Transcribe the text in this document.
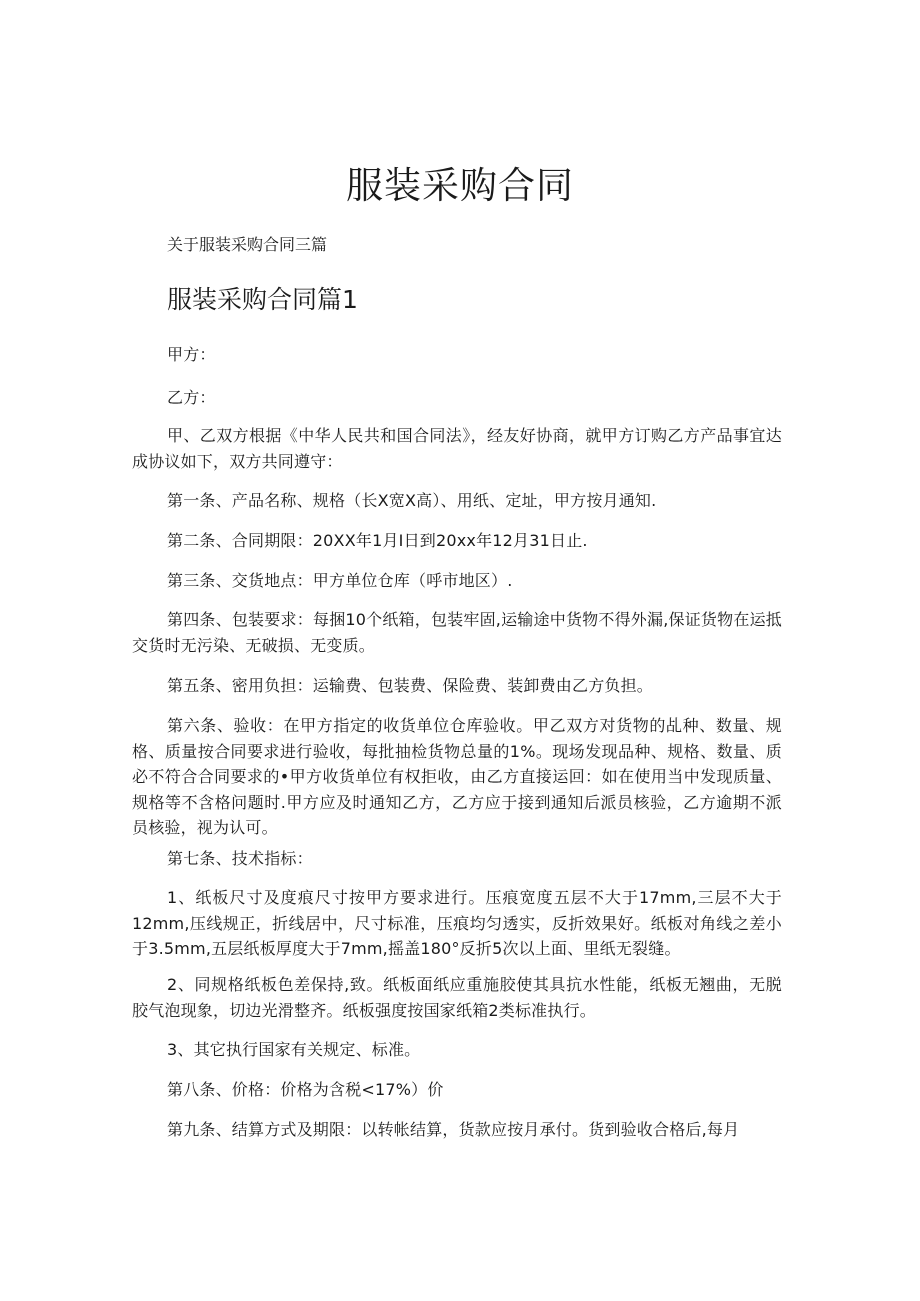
服装采购合同

关于服装采购合同三篇

服装采购合同篇1

甲方：

乙方：

甲、乙双方根据《中华人民共和国合同法》，经友好协商，就甲方订购乙方产品事宜达成协议如下，双方共同遵守：

第一条、产品名称、规格（长X宽X高）、用纸、定址，甲方按月通知.

第二条、合同期限：20XX年1月I日到20xx年12月31日止.

第三条、交货地点：甲方单位仓库（呼市地区）.

第四条、包装要求：每捆10个纸箱，包装牢固,运输途中货物不得外漏,保证货物在运抵交货时无污染、无破损、无变质。

第五条、密用负担：运输费、包装费、保险费、装卸费由乙方负担。

第六条、验收：在甲方指定的收货单位仓库验收。甲乙双方对货物的乩种、数量、规格、质量按合同要求进行验收，每批抽检货物总量的1%。现场发现品种、规格、数量、质必不符合合同要求的•甲方收货单位有权拒收，由乙方直接运回：如在使用当中发现质量、规格等不含格问题时.甲方应及时通知乙方，乙方应于接到通知后派员核验，乙方逾期不派员核验，视为认可。

第七条、技术指标：

1、纸板尺寸及度痕尺寸按甲方要求进行。压痕宽度五层不大于17mm,三层不大于12mm,压线规正，折线居中，尺寸标准，压痕均匀透实，反折效果好。纸板对角线之差小于3.5mm,五层纸板厚度大于7mm,摇盖180°反折5次以上面、里纸无裂缝。

2、同规格纸板色差保持,致。纸板面纸应重施胶使其具抗水性能，纸板无翘曲，无脱胶气泡现象，切边光滑整齐。纸板强度按国家纸箱2类标准执行。

3、其它执行国家有关规定、标准。

第八条、价格：价格为含税<17%）价

第九条、结算方式及期限：以转帐结算，货款应按月承付。货到验收合格后,每月
